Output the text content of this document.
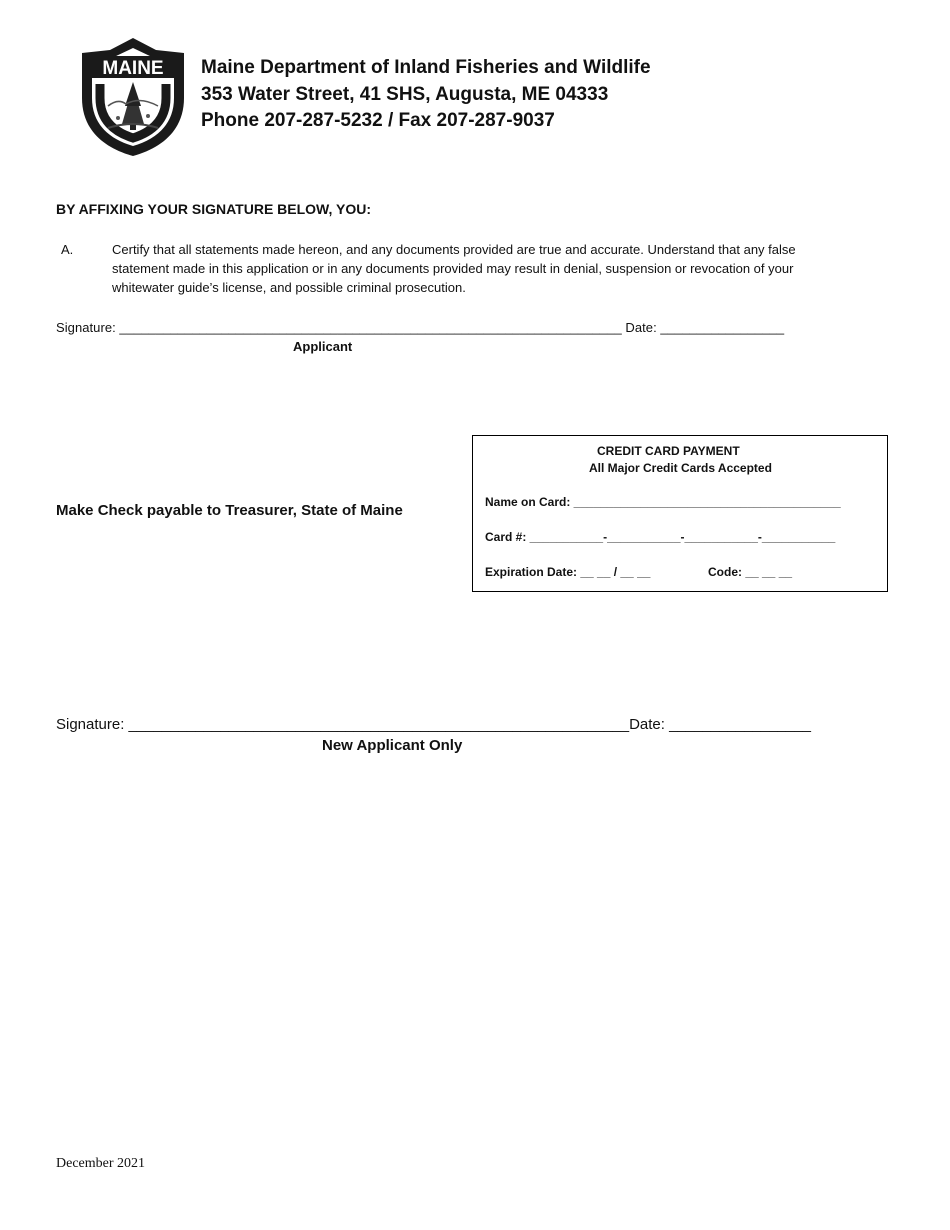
MAINE Maine Department of Inland Fisheries and Wildlife
353 Water Street, 41 SHS, Augusta, ME 04333
Phone 207-287-5232 / Fax 207-287-9037
BY AFFIXING YOUR SIGNATURE BELOW, YOU:
A.	Certify that all statements made hereon, and any documents provided are true and accurate. Understand that any false
statement made in this application or in any documents provided may result in denial, suspension or revocation of your
whitewater guide’s license, and possible criminal prosecution.
Signature: _____________________________________________________________________ Date: _________________
Applicant
Make Check payable to Treasurer, State of Maine
CREDIT CARD PAYMENT
All Major Credit Cards Accepted
Name on Card: ________________________________________
Card #: ___________-___________-___________-___________
Expiration Date: __ __ / __ __	Code: __ __ __
Signature: ____________________________________________________________Date: _________________
New Applicant Only
December 2021
